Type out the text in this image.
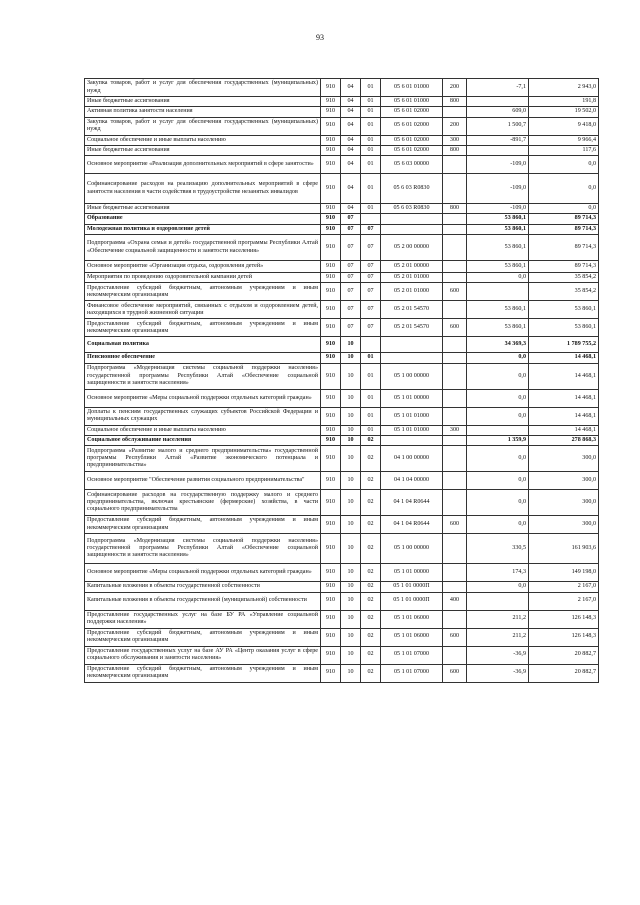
93
Закупка товаров, работ и услуг для обеспечения государственных (муниципальных) нужд	910	04	01	05 6 01 01000	200	-7,1	2 943,0
Иные бюджетные ассигнования	910	04	01	05 6 01 01000	800		191,8
Активная политика занятости населения	910	04	01	05 6 01 02000		609,0	19 502,0
Закупка товаров, работ и услуг для обеспечения государственных (муниципальных) нужд	910	04	01	05 6 01 02000	200	1 500,7	9 418,0
Социальное обеспечение и иные выплаты населению	910	04	01	05 6 01 02000	300	-891,7	9 966,4
Иные бюджетные ассигнования	910	04	01	05 6 01 02000	800		117,6
Основное мероприятие «Реализация дополнительных мероприятий в сфере занятости»	910	04	01	05 6 03 00000		-109,0	0,0
Софинансирование расходов на реализацию дополнительных мероприятий в сфере занятости населения в части содействия в трудоустройстве незанятых инвалидов	910	04	01	05 6 03 R0830		-109,0	0,0
Иные бюджетные ассигнования	910	04	01	05 6 03 R0830	800	-109,0	0,0
Образование	910	07				53 860,1	89 714,3
Молодежная политика и оздоровление детей	910	07	07			53 860,1	89 714,3
Подпрограмма «Охрана семьи и детей» государственной программы Республики Алтай «Обеспечение социальной защищенности и занятости населения»	910	07	07	05 2 00 00000		53 860,1	89 714,3
Основное мероприятие «Организация отдыха, оздоровления детей»	910	07	07	05 2 01 00000		53 860,1	89 714,3
Мероприятия по проведению оздоровительной кампании детей	910	07	07	05 2 01 01000		0,0	35 854,2
Предоставление субсидий бюджетным, автономным учреждениям и иным некоммерческим организациям	910	07	07	05 2 01 01000	600		35 854,2
Финансовое обеспечение мероприятий, связанных с отдыхом и оздоровлением детей, находящихся в трудной жизненной ситуации	910	07	07	05 2 01 54570		53 860,1	53 860,1
Предоставление субсидий бюджетным, автономным учреждениям и иным некоммерческим организациям	910	07	07	05 2 01 54570	600	53 860,1	53 860,1
Социальная политика	910	10				34 369,3	1 789 755,2
Пенсионное обеспечение	910	10	01			0,0	14 468,1
Подпрограмма «Модернизация системы социальной поддержки населения» государственной программы Республики Алтай «Обеспечение социальной защищенности и занятости населения»	910	10	01	05 1 00 00000		0,0	14 468,1
Основное мероприятие «Меры социальной поддержки отдельных категорий граждан»	910	10	01	05 1 01 00000		0,0	14 468,1
Доплаты к пенсиям государственных служащих субъектов Российской Федерации и муниципальных служащих	910	10	01	05 1 01 01000		0,0	14 468,1
Социальное обеспечение и иные выплаты населению	910	10	01	05 1 01 01000	300		14 468,1
Социальное обслуживание населения	910	10	02			1 359,9	278 868,3
Подпрограмма «Развитие малого и среднего предпринимательства» государственной программы Республики Алтай «Развитие экономического потенциала и предпринимательства»	910	10	02	04 1 00 00000		0,0	300,0
Основное мероприятие "Обеспечение развития социального предпринимательства"	910	10	02	04 1 04 00000		0,0	300,0
Софинансирование расходов на государственную поддержку малого и среднего предпринимательства, включая крестьянские (фермерские) хозяйства, в части социального предпринимательства	910	10	02	04 1 04 R0644		0,0	300,0
Предоставление субсидий бюджетным, автономным учреждениям и иным некоммерческим организациям	910	10	02	04 1 04 R0644	600	0,0	300,0
Подпрограмма «Модернизация системы социальной поддержки населения» государственной программы Республики Алтай «Обеспечение социальной защищенности и занятости населения»	910	10	02	05 1 00 00000		330,5	161 903,6
Основное мероприятие «Меры социальной поддержки отдельных категорий граждан»	910	10	02	05 1 01 00000		174,3	149 198,0
Капитальные вложения в объекты государственной собственности	910	10	02	05 1 01 0000П		0,0	2 167,0
Капитальные вложения в объекты государственной (муниципальной) собственности	910	10	02	05 1 01 0000П	400		2 167,0
Предоставление государственных услуг на базе БУ РА «Управление социальной поддержки населения»	910	10	02	05 1 01 06000		211,2	126 148,3
Предоставление субсидий бюджетным, автономным учреждениям и иным некоммерческим организациям	910	10	02	05 1 01 06000	600	211,2	126 148,3
Предоставление государственных услуг на базе АУ РА «Центр оказания услуг в сфере социального обслуживания и занятости населения»	910	10	02	05 1 01 07000		-36,9	20 882,7
Предоставление субсидий бюджетным, автономным учреждениям и иным некоммерческим организациям	910	10	02	05 1 01 07000	600	-36,9	20 882,7
